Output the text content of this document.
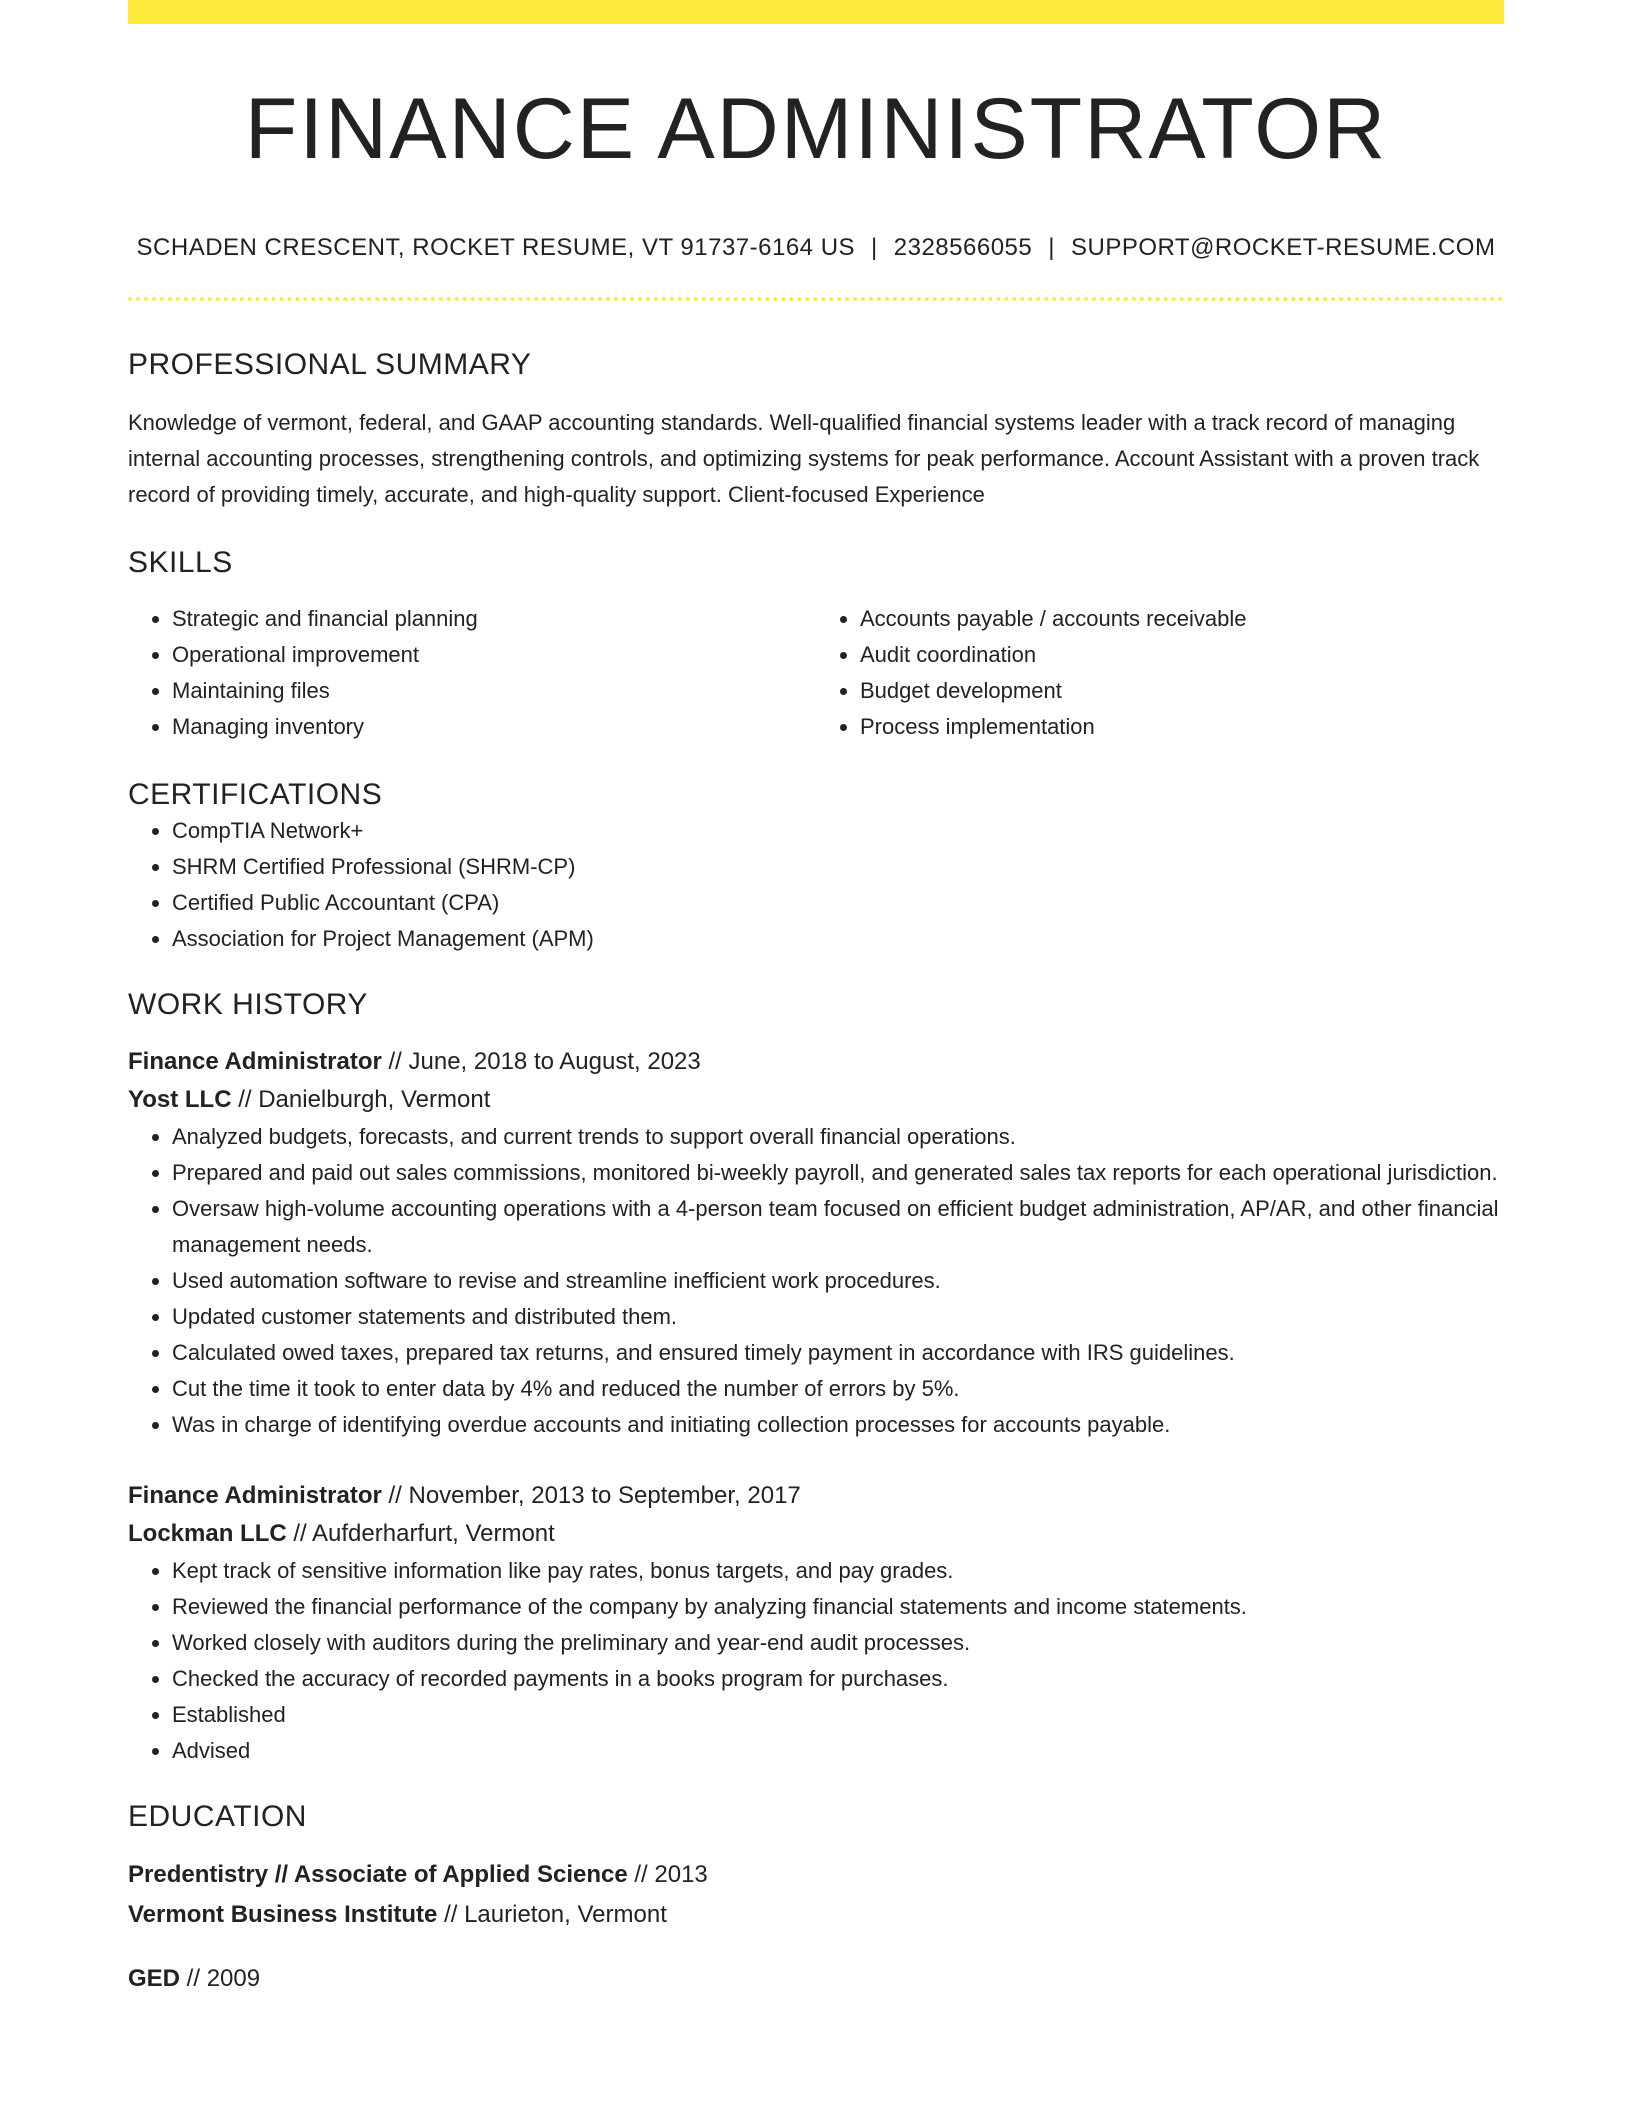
FINANCE ADMINISTRATOR
SCHADEN CRESCENT, ROCKET RESUME, VT 91737-6164 US | 2328566055 | SUPPORT@ROCKET-RESUME.COM
PROFESSIONAL SUMMARY

Knowledge of vermont, federal, and GAAP accounting standards. Well-qualified financial systems leader with a track record of managing internal accounting processes, strengthening controls, and optimizing systems for peak performance. Account Assistant with a proven track record of providing timely, accurate, and high-quality support. Client-focused Experience

SKILLS
• Strategic and financial planning
• Operational improvement
• Maintaining files
• Managing inventory
• Accounts payable / accounts receivable
• Audit coordination
• Budget development
• Process implementation
CERTIFICATIONS
• CompTIA Network+
• SHRM Certified Professional (SHRM-CP)
• Certified Public Accountant (CPA)
• Association for Project Management (APM)
WORK HISTORY
Finance Administrator // June, 2018 to August, 2023
Yost LLC // Danielburgh, Vermont
• Analyzed budgets, forecasts, and current trends to support overall financial operations.
• Prepared and paid out sales commissions, monitored bi-weekly payroll, and generated sales tax reports for each operational jurisdiction.
• Oversaw high-volume accounting operations with a 4-person team focused on efficient budget administration, AP/AR, and other financial management needs.
• Used automation software to revise and streamline inefficient work procedures.
• Updated customer statements and distributed them.
• Calculated owed taxes, prepared tax returns, and ensured timely payment in accordance with IRS guidelines.
• Cut the time it took to enter data by 4% and reduced the number of errors by 5%.
• Was in charge of identifying overdue accounts and initiating collection processes for accounts payable.
Finance Administrator // November, 2013 to September, 2017
Lockman LLC // Aufderharfurt, Vermont
• Kept track of sensitive information like pay rates, bonus targets, and pay grades.
• Reviewed the financial performance of the company by analyzing financial statements and income statements.
• Worked closely with auditors during the preliminary and year-end audit processes.
• Checked the accuracy of recorded payments in a books program for purchases.
• Established
• Advised
EDUCATION
Predentistry // Associate of Applied Science // 2013
Vermont Business Institute // Laurieton, Vermont
GED // 2009
